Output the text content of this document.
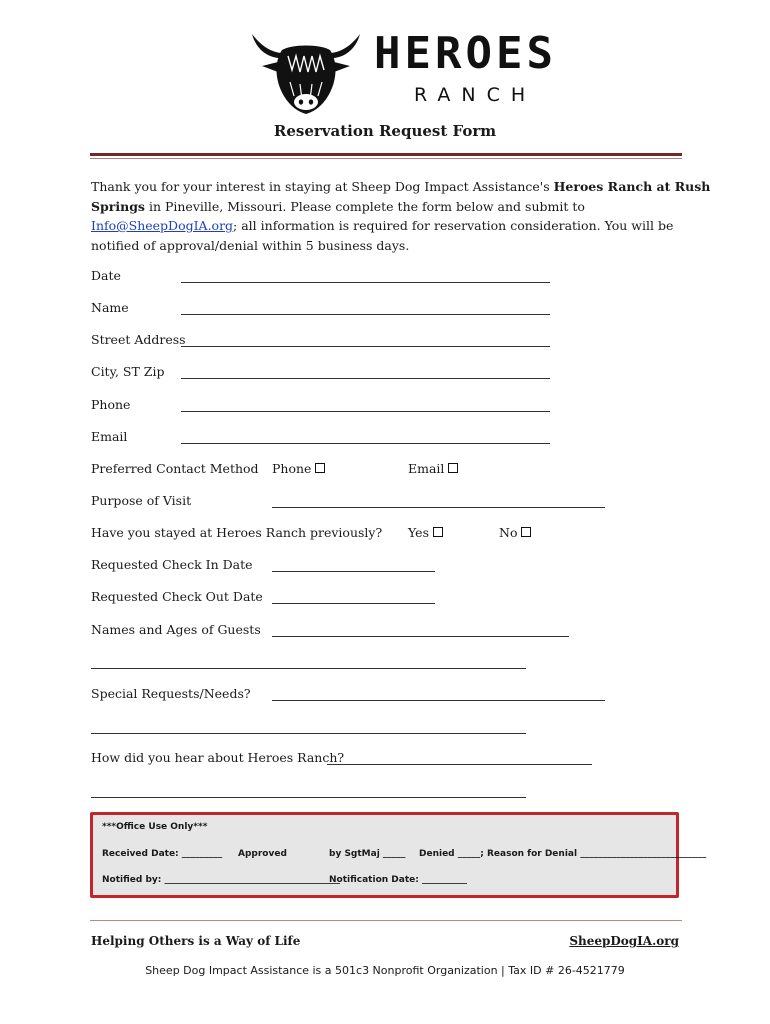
HEROES
RANCH
Reservation Request Form
Thank you for your interest in staying at Sheep Dog Impact Assistance's Heroes Ranch at Rush Springs in Pineville, Missouri. Please complete the form below and submit to Info@SheepDogIA.org; all information is required for reservation consideration. You will be notified of approval/denial within 5 business days.
Date
Name
Street Address
City, ST Zip
Phone
Email
Preferred Contact Method Phone	Email
Purpose of Visit
Have you stayed at Heroes Ranch previously? Yes	No
Requested Check In Date
Requested Check Out Date
Names and Ages of Guests
Special Requests/Needs?
How did you hear about Heroes Ranch?
***Office Use Only***
Received Date: _________ Approved	by SgtMaj _____ Denied _____; Reason for Denial ____________________________
Notified by: _______________________________________
Notification Date: __________
Helping Others is a Way of Life	SheepDogIA.org
Sheep Dog Impact Assistance is a 501c3 Nonprofit Organization | Tax ID # 26-4521779
